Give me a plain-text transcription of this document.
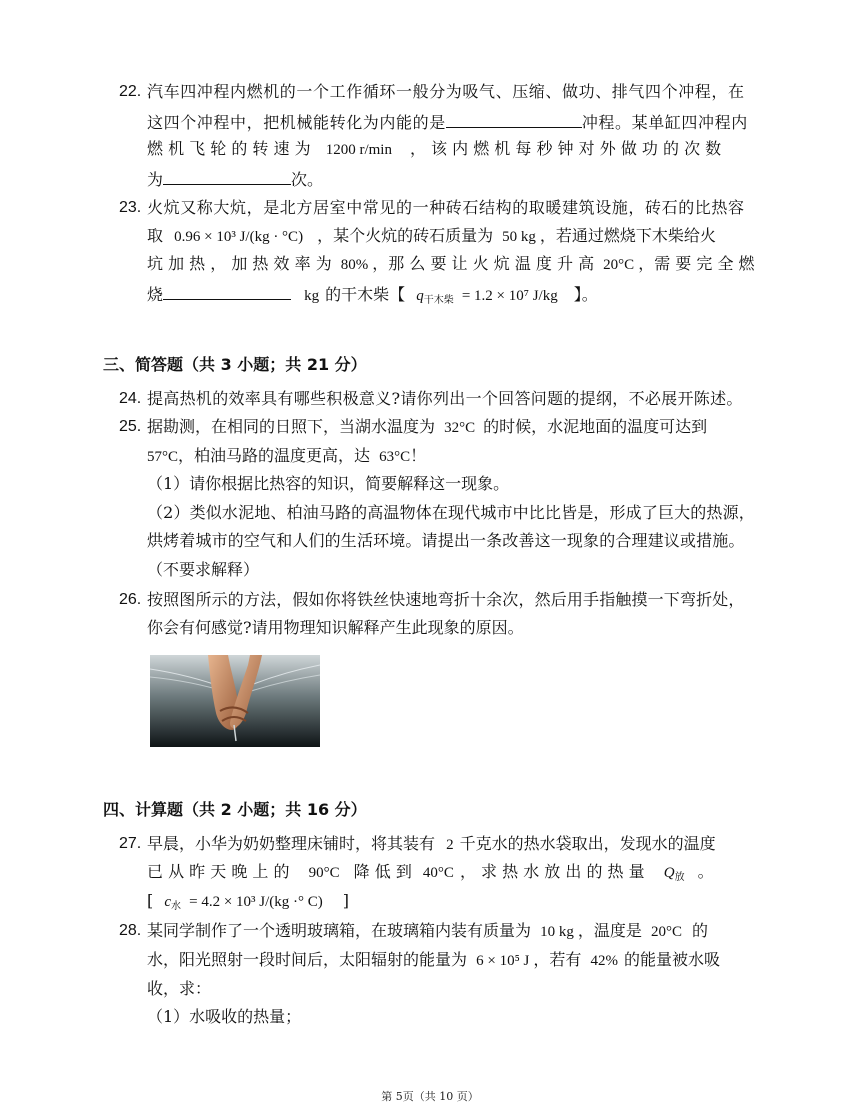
22. 汽车四冲程内燃机的一个工作循环一般分为吸气、压缩、做功、排气四个冲程，在
这四个冲程中，把机械能转化为内能的是	冲程。某单缸四冲程内
燃 机 飞 轮 的 转 速 为 1200 r/min ， 该 内 燃 机 每 秒 钟 对 外 做 功 的 次 数
为	次。
23. 火炕又称大炕，是北方居室中常见的一种砖石结构的取暖建筑设施，砖石的比热容
取 0.96 × 10³ J/(kg · °C) ，某个火炕的砖石质量为 50 kg ，若通过燃烧下木柴给火
坑 加 热 ， 加 热 效 率 为 80% ，那 么 要 让 火 炕 温 度 升 高 20°C ，需 要 完 全 燃
烧	kg 的干木柴【 q干木柴 = 1.2 × 10⁷ J/kg 】。
三、简答题（共 3 小题；共 21 分）
24. 提高热机的效率具有哪些积极意义?请你列出一个回答问题的提纲，不必展开陈述。
25. 据勘测，在相同的日照下，当湖水温度为 32°C 的时候，水泥地面的温度可达到
57°C，柏油马路的温度更高，达 63°C！
（1）请你根据比热容的知识，简要解释这一现象。
（2）类似水泥地、柏油马路的高温物体在现代城市中比比皆是，形成了巨大的热源，
烘烤着城市的空气和人们的生活环境。请提出一条改善这一现象的合理建议或措施。
（不要求解释）
26. 按照图所示的方法，假如你将铁丝快速地弯折十余次，然后用手指触摸一下弯折处，
你会有何感觉?请用物理知识解释产生此现象的原因。
四、计算题（共 2 小题；共 16 分）
27. 早晨，小华为奶奶整理床铺时，将其装有 2 千克水的热水袋取出，发现水的温度
已 从 昨 天 晚 上 的 90°C 降 低 到 40°C ， 求 热 水 放 出 的 热 量 Q放 。
[ c水 = 4.2 × 10³ J/(kg ·° C) ]
28. 某同学制作了一个透明玻璃箱，在玻璃箱内装有质量为 10 kg ，温度是 20°C 的
水，阳光照射一段时间后，太阳辐射的能量为 6 × 10⁵ J ，若有 42% 的能量被水吸
收，求：
（1）水吸收的热量；
第 5页（共 10 页）
